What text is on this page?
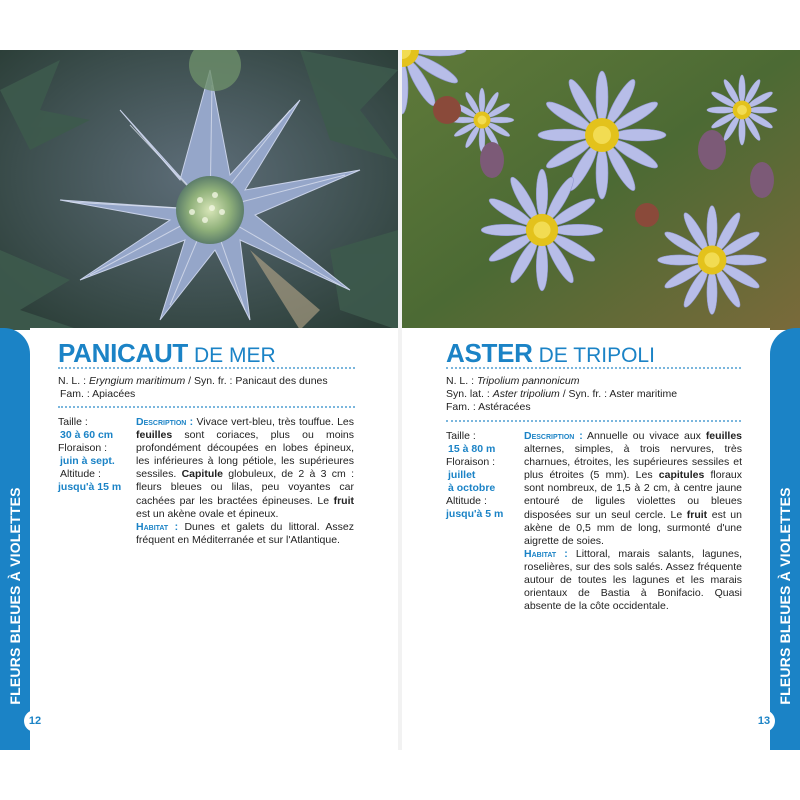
FLEURS BLEUES À VIOLETTES	FLEURS BLEUES À VIOLETTES
12	13
PANICAUT DE MER
N. L. : Eryngium maritimum / Syn. fr. : Panicaut des dunes
Fam. : Apiacées
Taille :
30 à 60 cm
Floraison :
juin à sept.
Altitude :
jusqu'à 15 m
Description : Vivace vert-bleu, très touffue. Les feuilles sont coriaces, plus ou moins profondément découpées en lobes épineux, les inférieures à long pétiole, les supérieures sessiles. Capitule globuleux, de 2 à 3 cm : fleurs bleues ou lilas, peu voyantes car cachées par les bractées épineuses. Le fruit est un akène ovale et épineux.
Habitat : Dunes et galets du littoral. Assez fréquent en Méditerranée et sur l'Atlantique.
ASTER DE TRIPOLI
N. L. : Tripolium pannonicum
Syn. lat. : Aster tripolium / Syn. fr. : Aster maritime
Fam. : Astéracées
Taille :
15 à 80 m
Floraison :
juillet
à octobre
Altitude :
jusqu'à 5 m
Description : Annuelle ou vivace aux feuilles alternes, simples, à trois nervures, très charnues, étroites, les supérieures sessiles et plus étroites (5 mm). Les capitules floraux sont nombreux, de 1,5 à 2 cm, à centre jaune entouré de ligules violettes ou bleues disposées sur un seul cercle. Le fruit est un akène de 0,5 mm de long, surmonté d'une aigrette de soies.
Habitat : Littoral, marais salants, lagunes, roselières, sur des sols salés. Assez fréquente autour de toutes les lagunes et les marais orientaux de Bastia à Bonifacio. Quasi absente de la côte occidentale.
